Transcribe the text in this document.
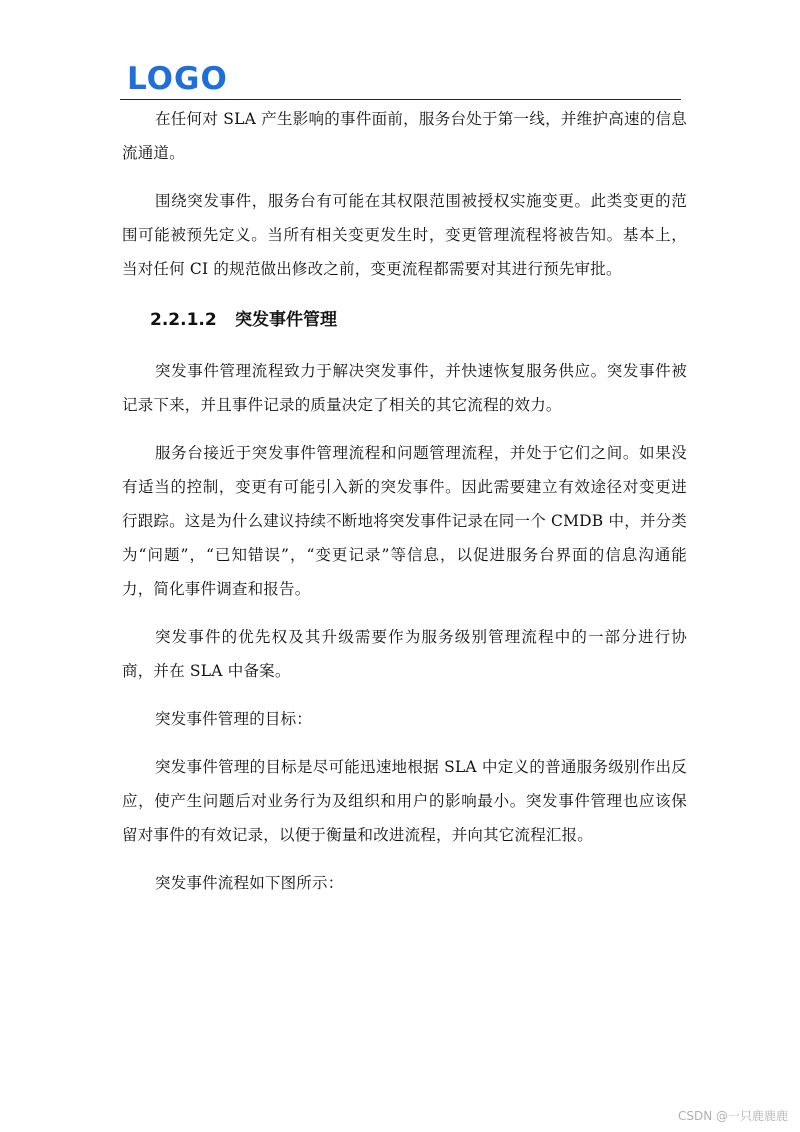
LOGO

在任何对 SLA 产生影响的事件面前，服务台处于第一线，并维护高速的信息流通道。

围绕突发事件，服务台有可能在其权限范围被授权实施变更。此类变更的范围可能被预先定义。当所有相关变更发生时，变更管理流程将被告知。基本上，当对任何 CI 的规范做出修改之前，变更流程都需要对其进行预先审批。

2.2.1.2 突发事件管理

突发事件管理流程致力于解决突发事件，并快速恢复服务供应。突发事件被记录下来，并且事件记录的质量决定了相关的其它流程的效力。

服务台接近于突发事件管理流程和问题管理流程，并处于它们之间。如果没有适当的控制，变更有可能引入新的突发事件。因此需要建立有效途径对变更进行跟踪。这是为什么建议持续不断地将突发事件记录在同一个 CMDB 中，并分类为“问题”，“已知错误”，“变更记录”等信息，以促进服务台界面的信息沟通能力，简化事件调查和报告。

突发事件的优先权及其升级需要作为服务级别管理流程中的一部分进行协商，并在 SLA 中备案。

突发事件管理的目标：

突发事件管理的目标是尽可能迅速地根据 SLA 中定义的普通服务级别作出反应，使产生问题后对业务行为及组织和用户的影响最小。突发事件管理也应该保留对事件的有效记录，以便于衡量和改进流程，并向其它流程汇报。

突发事件流程如下图所示：

CSDN @一只鹿鹿鹿
